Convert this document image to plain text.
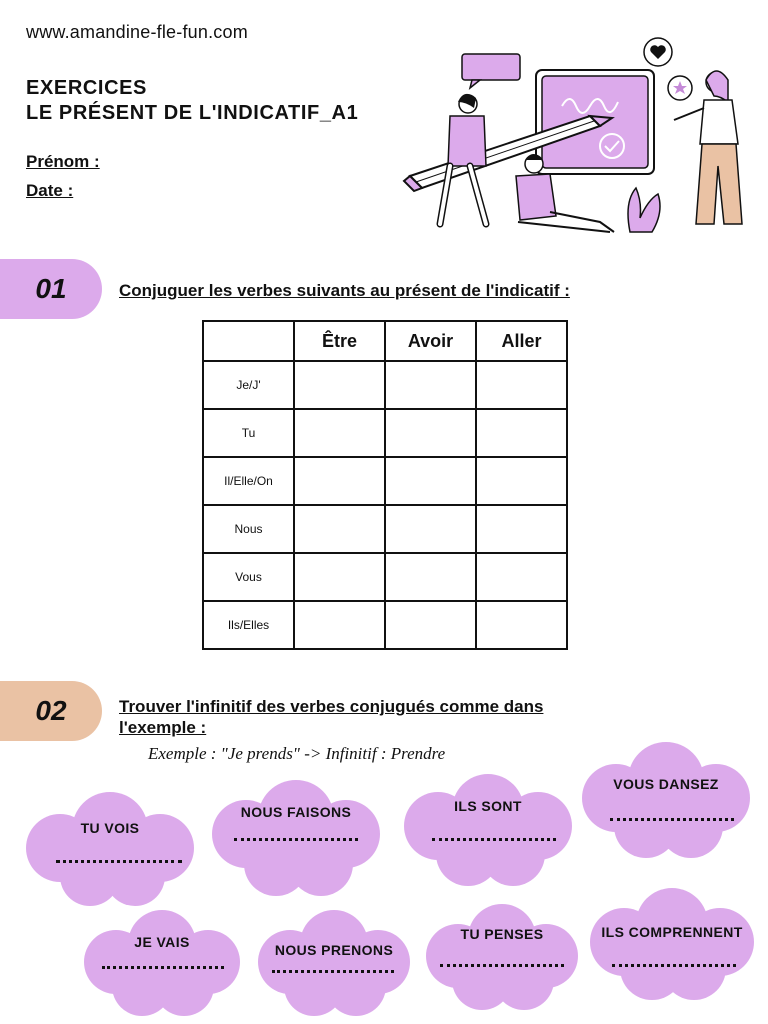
www.amandine-fle-fun.com
EXERCICES
LE PRÉSENT DE L'INDICATIF_A1
Prénom :
Date :
01	Conjuguer les verbes suivants au présent de l'indicatif :
	Être	Avoir	Aller
Je/J'			
Tu			
Il/Elle/On			
Nous			
Vous			
Ils/Elles			
02	Trouver l'infinitif des verbes conjugués comme dans
l'exemple :
Exemple : "Je prends" -> Infinitif : Prendre
TU VOIS
NOUS FAISONS	ILS SONT
VOUS DANSEZ
JE VAIS	NOUS PRENONS
TU PENSES	ILS COMPRENNENT
